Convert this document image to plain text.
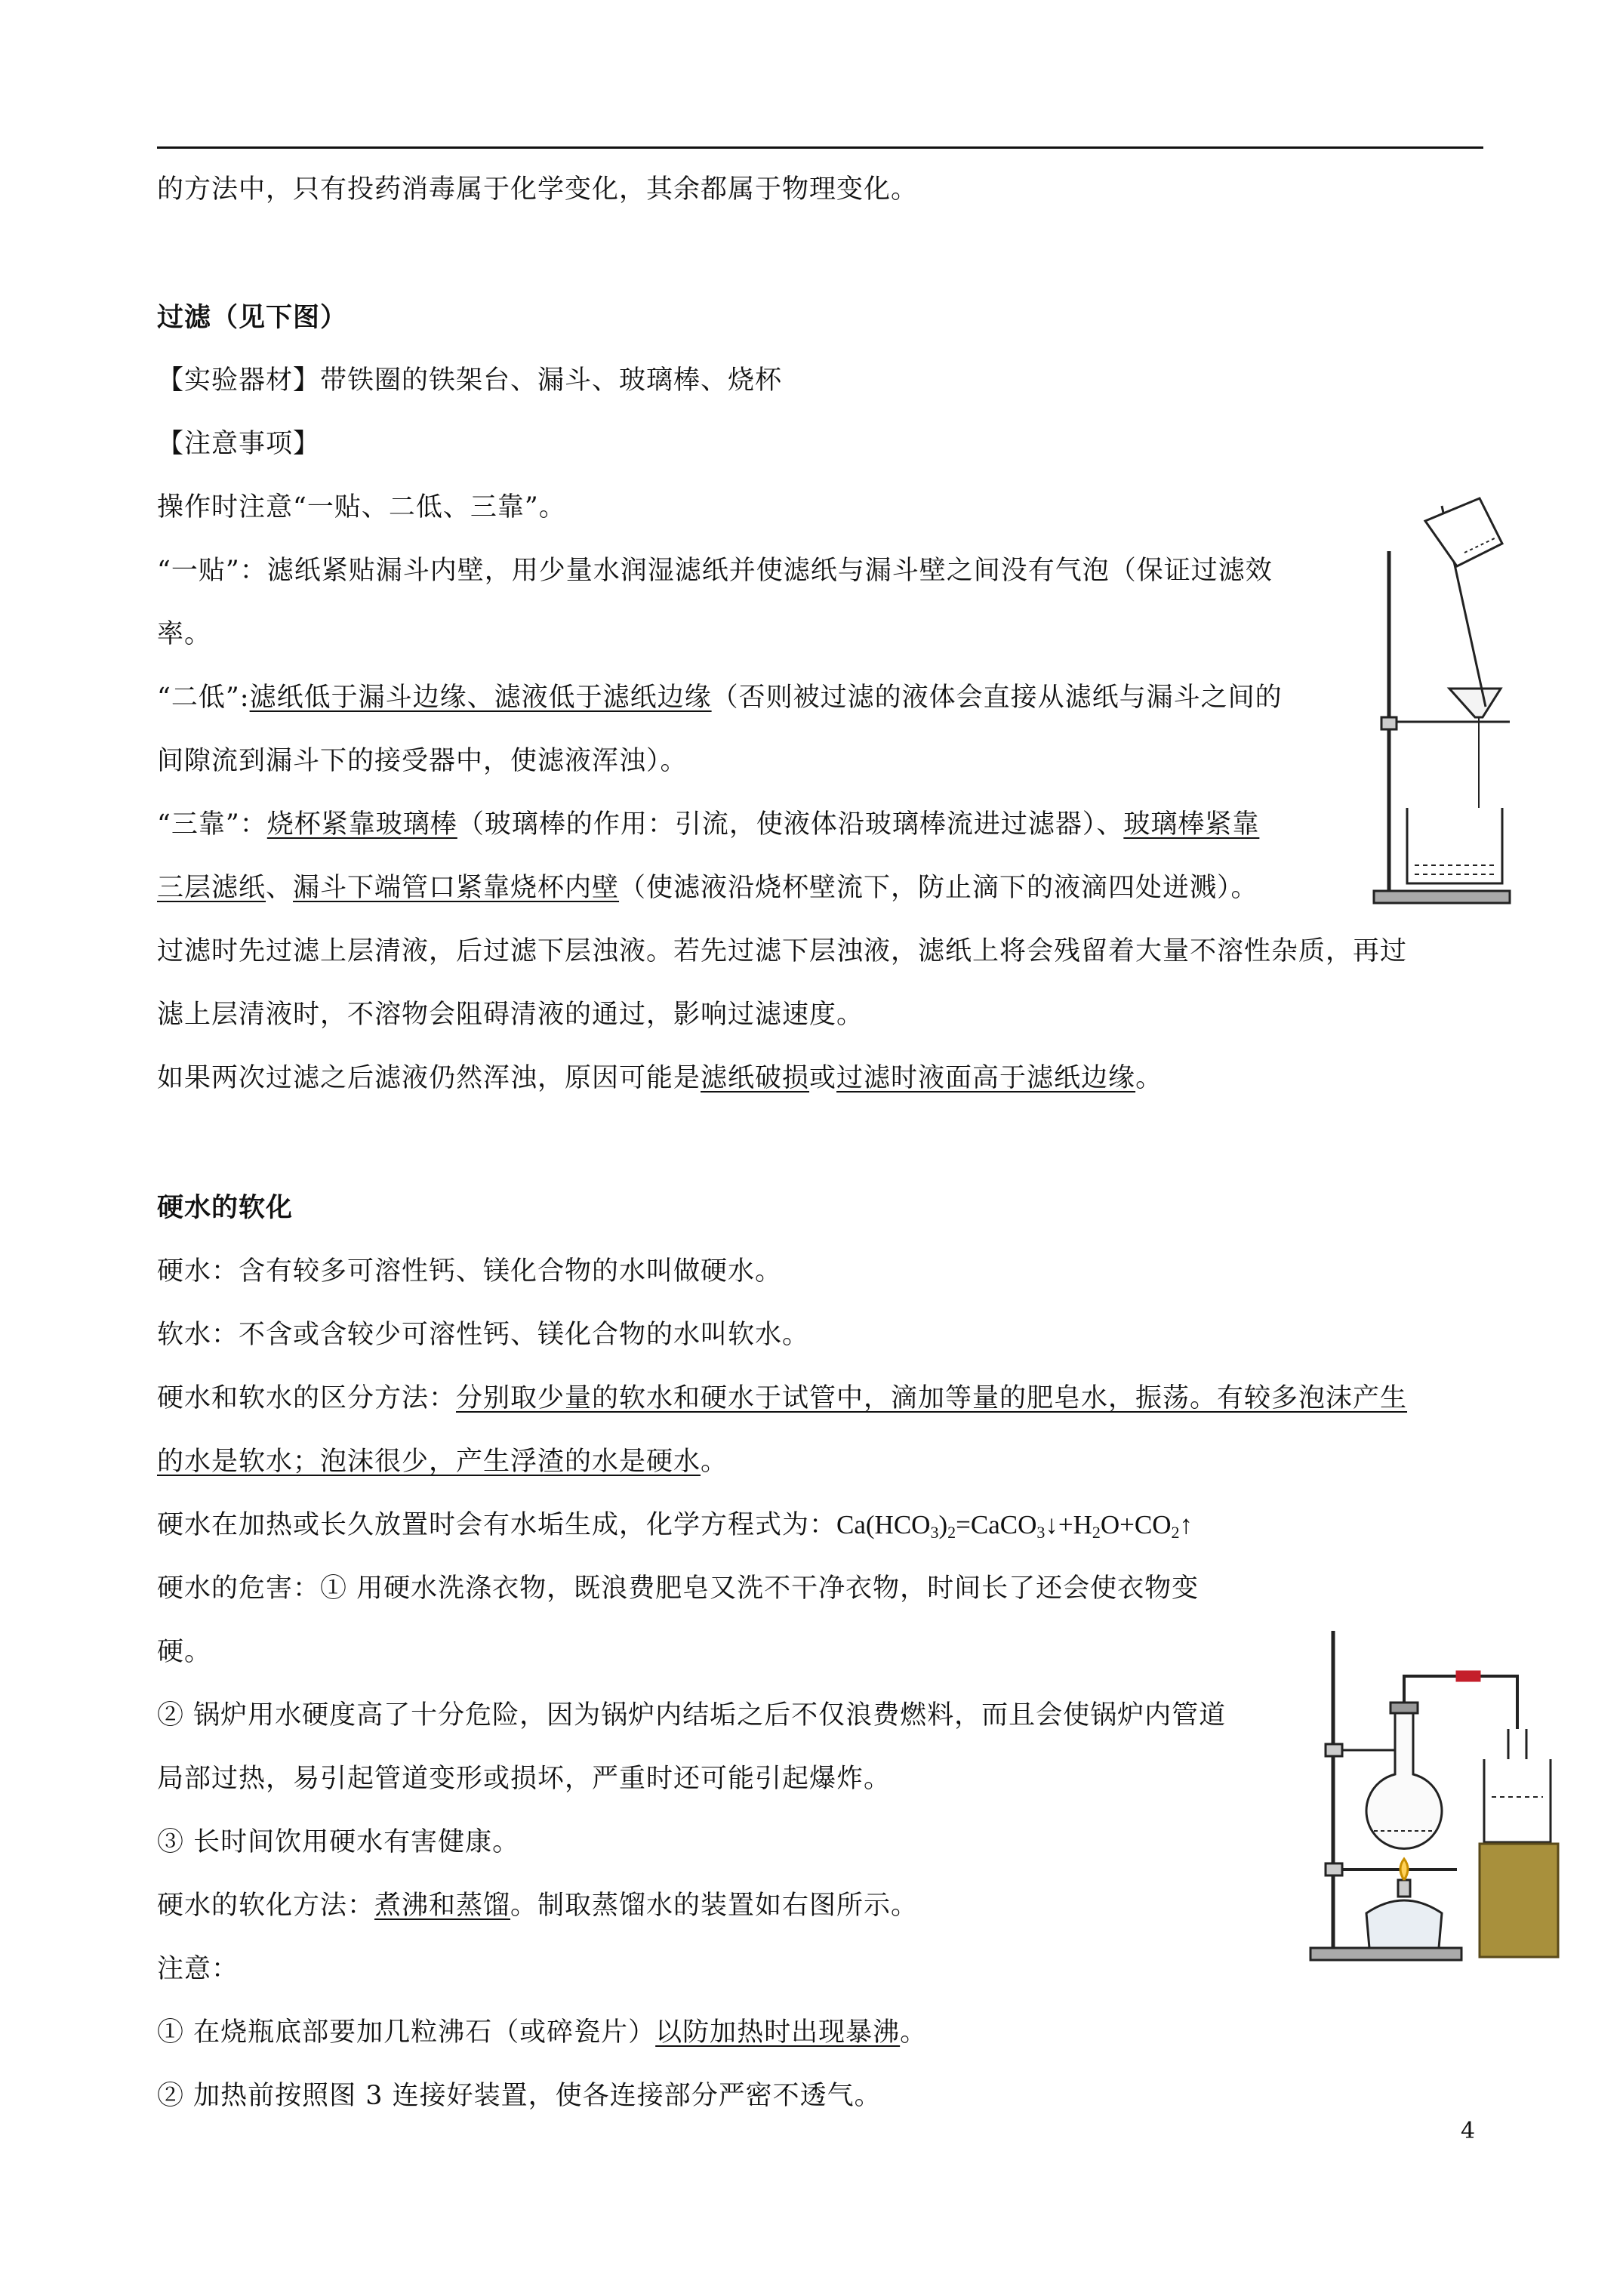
的方法中，只有投药消毒属于化学变化，其余都属于物理变化。
过滤（见下图）
【实验器材】带铁圈的铁架台、漏斗、玻璃棒、烧杯
【注意事项】
操作时注意“一贴、二低、三靠”。
“一贴”：滤纸紧贴漏斗内壁，用少量水润湿滤纸并使滤纸与漏斗壁之间没有气泡（保证过滤效
率。
“二低”:滤纸低于漏斗边缘、滤液低于滤纸边缘（否则被过滤的液体会直接从滤纸与漏斗之间的
间隙流到漏斗下的接受器中，使滤液浑浊）。
“三靠”：烧杯紧靠玻璃棒（玻璃棒的作用：引流，使液体沿玻璃棒流进过滤器）、玻璃棒紧靠
三层滤纸、漏斗下端管口紧靠烧杯内壁（使滤液沿烧杯壁流下，防止滴下的液滴四处迸溅）。
过滤时先过滤上层清液，后过滤下层浊液。若先过滤下层浊液，滤纸上将会残留着大量不溶性杂质，再过
滤上层清液时，不溶物会阻碍清液的通过，影响过滤速度。
如果两次过滤之后滤液仍然浑浊，原因可能是滤纸破损或过滤时液面高于滤纸边缘。
硬水的软化
硬水：含有较多可溶性钙、镁化合物的水叫做硬水。
软水：不含或含较少可溶性钙、镁化合物的水叫软水。
硬水和软水的区分方法：分别取少量的软水和硬水于试管中，滴加等量的肥皂水，振荡。有较多泡沫产生
的水是软水；泡沫很少，产生浮渣的水是硬水。
硬水在加热或长久放置时会有水垢生成，化学方程式为：$Ca(HCO_3)_2=CaCO_3↓+H_2O+CO_2↑$
硬水的危害：① 用硬水洗涤衣物，既浪费肥皂又洗不干净衣物，时间长了还会使衣物变
硬。
② 锅炉用水硬度高了十分危险，因为锅炉内结垢之后不仅浪费燃料，而且会使锅炉内管道
局部过热，易引起管道变形或损坏，严重时还可能引起爆炸。
③ 长时间饮用硬水有害健康。
硬水的软化方法：煮沸和蒸馏。制取蒸馏水的装置如右图所示。
注意：
① 在烧瓶底部要加几粒沸石（或碎瓷片）以防加热时出现暴沸。
② 加热前按照图 3 连接好装置，使各连接部分严密不透气。
4
